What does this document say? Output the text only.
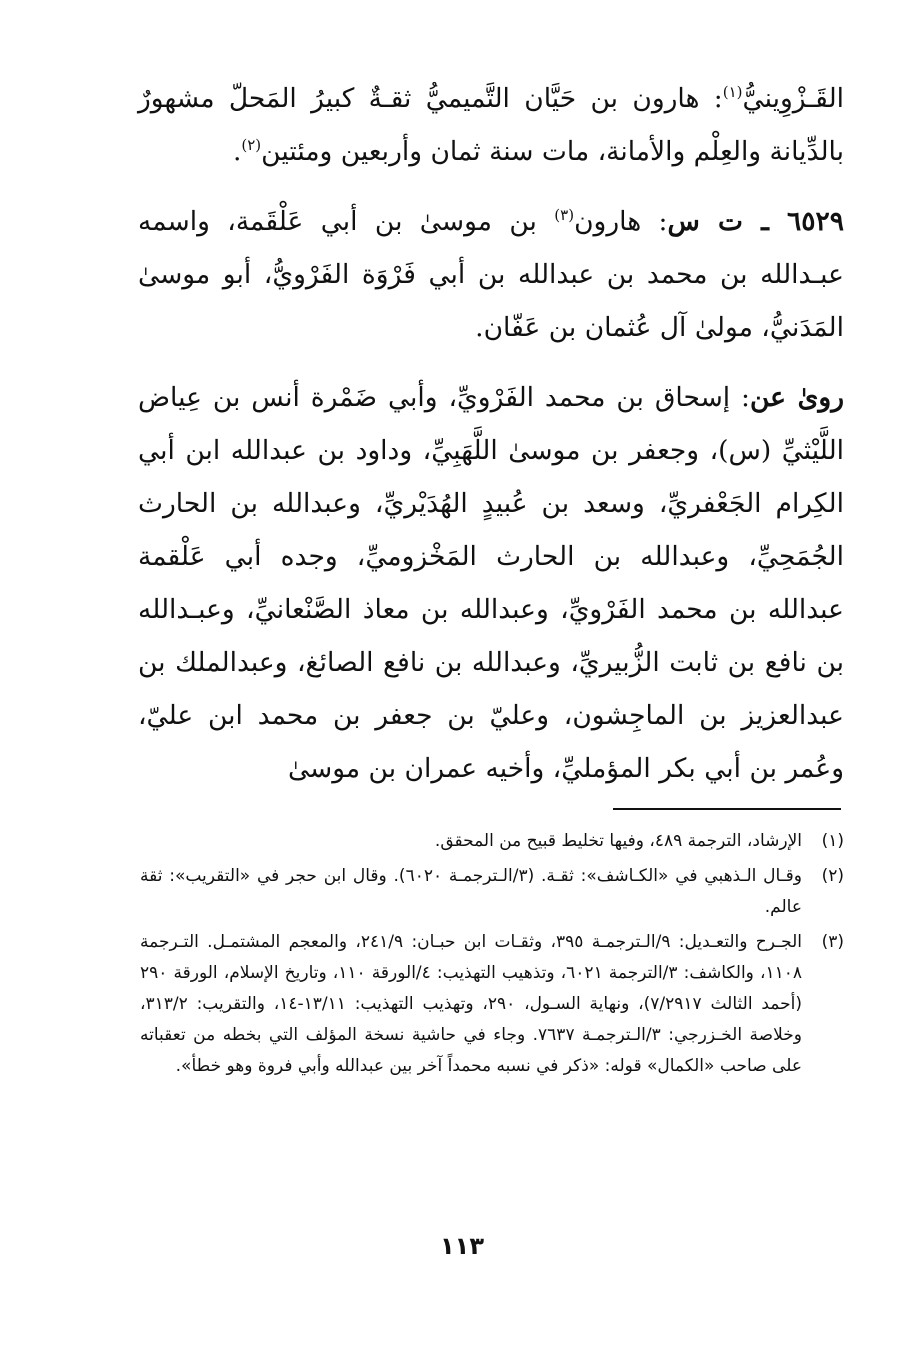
القَـزْوِينيُّ$^{(١)}$: هارون بن حَيَّان التَّميميُّ ثقـةٌ كبيرُ المَحلّ مشهورٌ بالدِّيانة والعِلْم والأمانة، مات سنة ثمان وأربعين ومئتين$^{(٢)}$.

٦٥٢٩ ـ ت س: هارون$^{(٣)}$ بن موسىٰ بن أبي عَلْقَمة، واسمه عبـدالله بن محمد بن عبدالله بن أبي فَرْوَة الفَرْويُّ، أبو موسىٰ المَدَنيُّ، مولىٰ آل عُثمان بن عَفّان.

روىٰ عن: إسحاق بن محمد الفَرْويِّ، وأبي ضَمْرة أنس بن عِياض اللَّيْثيِّ (س)، وجعفر بن موسىٰ اللَّهَبِيِّ، وداود بن عبدالله ابن أبي الكِرام الجَعْفريِّ، وسعد بن عُبيدٍ الهُدَيْريِّ، وعبدالله بن الحارث الجُمَحِيِّ، وعبدالله بن الحارث المَخْزوميِّ، وجده أبي عَلْقمة عبدالله بن محمد الفَرْويِّ، وعبدالله بن معاذ الصَّنْعانيِّ، وعبـدالله بن نافع بن ثابت الزُّبيريِّ، وعبدالله بن نافع الصائغ، وعبدالملك بن عبدالعزيز بن الماجِشون، وعليّ بن جعفر بن محمد ابن عليّ، وعُمر بن أبي بكر المؤمليِّ، وأخيه عمران بن موسىٰ

(١)
الإرشاد، الترجمة ٤٨٩، وفيها تخليط قبيح من المحقق.
(٢)
وقـال الـذهبي في «الكـاشف»: ثقـة. (٣/الـترجمـة ٦٠٢٠). وقال ابن حجر في «التقريب»: ثقة عالم.
(٣)
الجـرح والتعـديل: ٩/الـترجمـة ٣٩٥، وثقـات ابن حبـان: ٢٤١/٩، والمعجم المشتمـل. التـرجمة ١١٠٨، والكاشف: ٣/الترجمة ٦٠٢١، وتذهيب التهذيب: ٤/الورقة ١١٠، وتاريخ الإسلام، الورقة ٢٩٠ (أحمد الثالث ٧/٢٩١٧)، ونهاية السـول، ٢٩٠، وتهذيب التهذيب: ١٣/١١-١٤، والتقريب: ٣١٣/٢، وخلاصة الخـزرجي: ٣/الـترجمـة ٧٦٣٧. وجاء في حاشية نسخة المؤلف التي بخطه من تعقباته على صاحب «الكمال» قوله: «ذكر في نسبه محمداً آخر بين عبدالله وأبي فروة وهو خطأ».
١١٣
